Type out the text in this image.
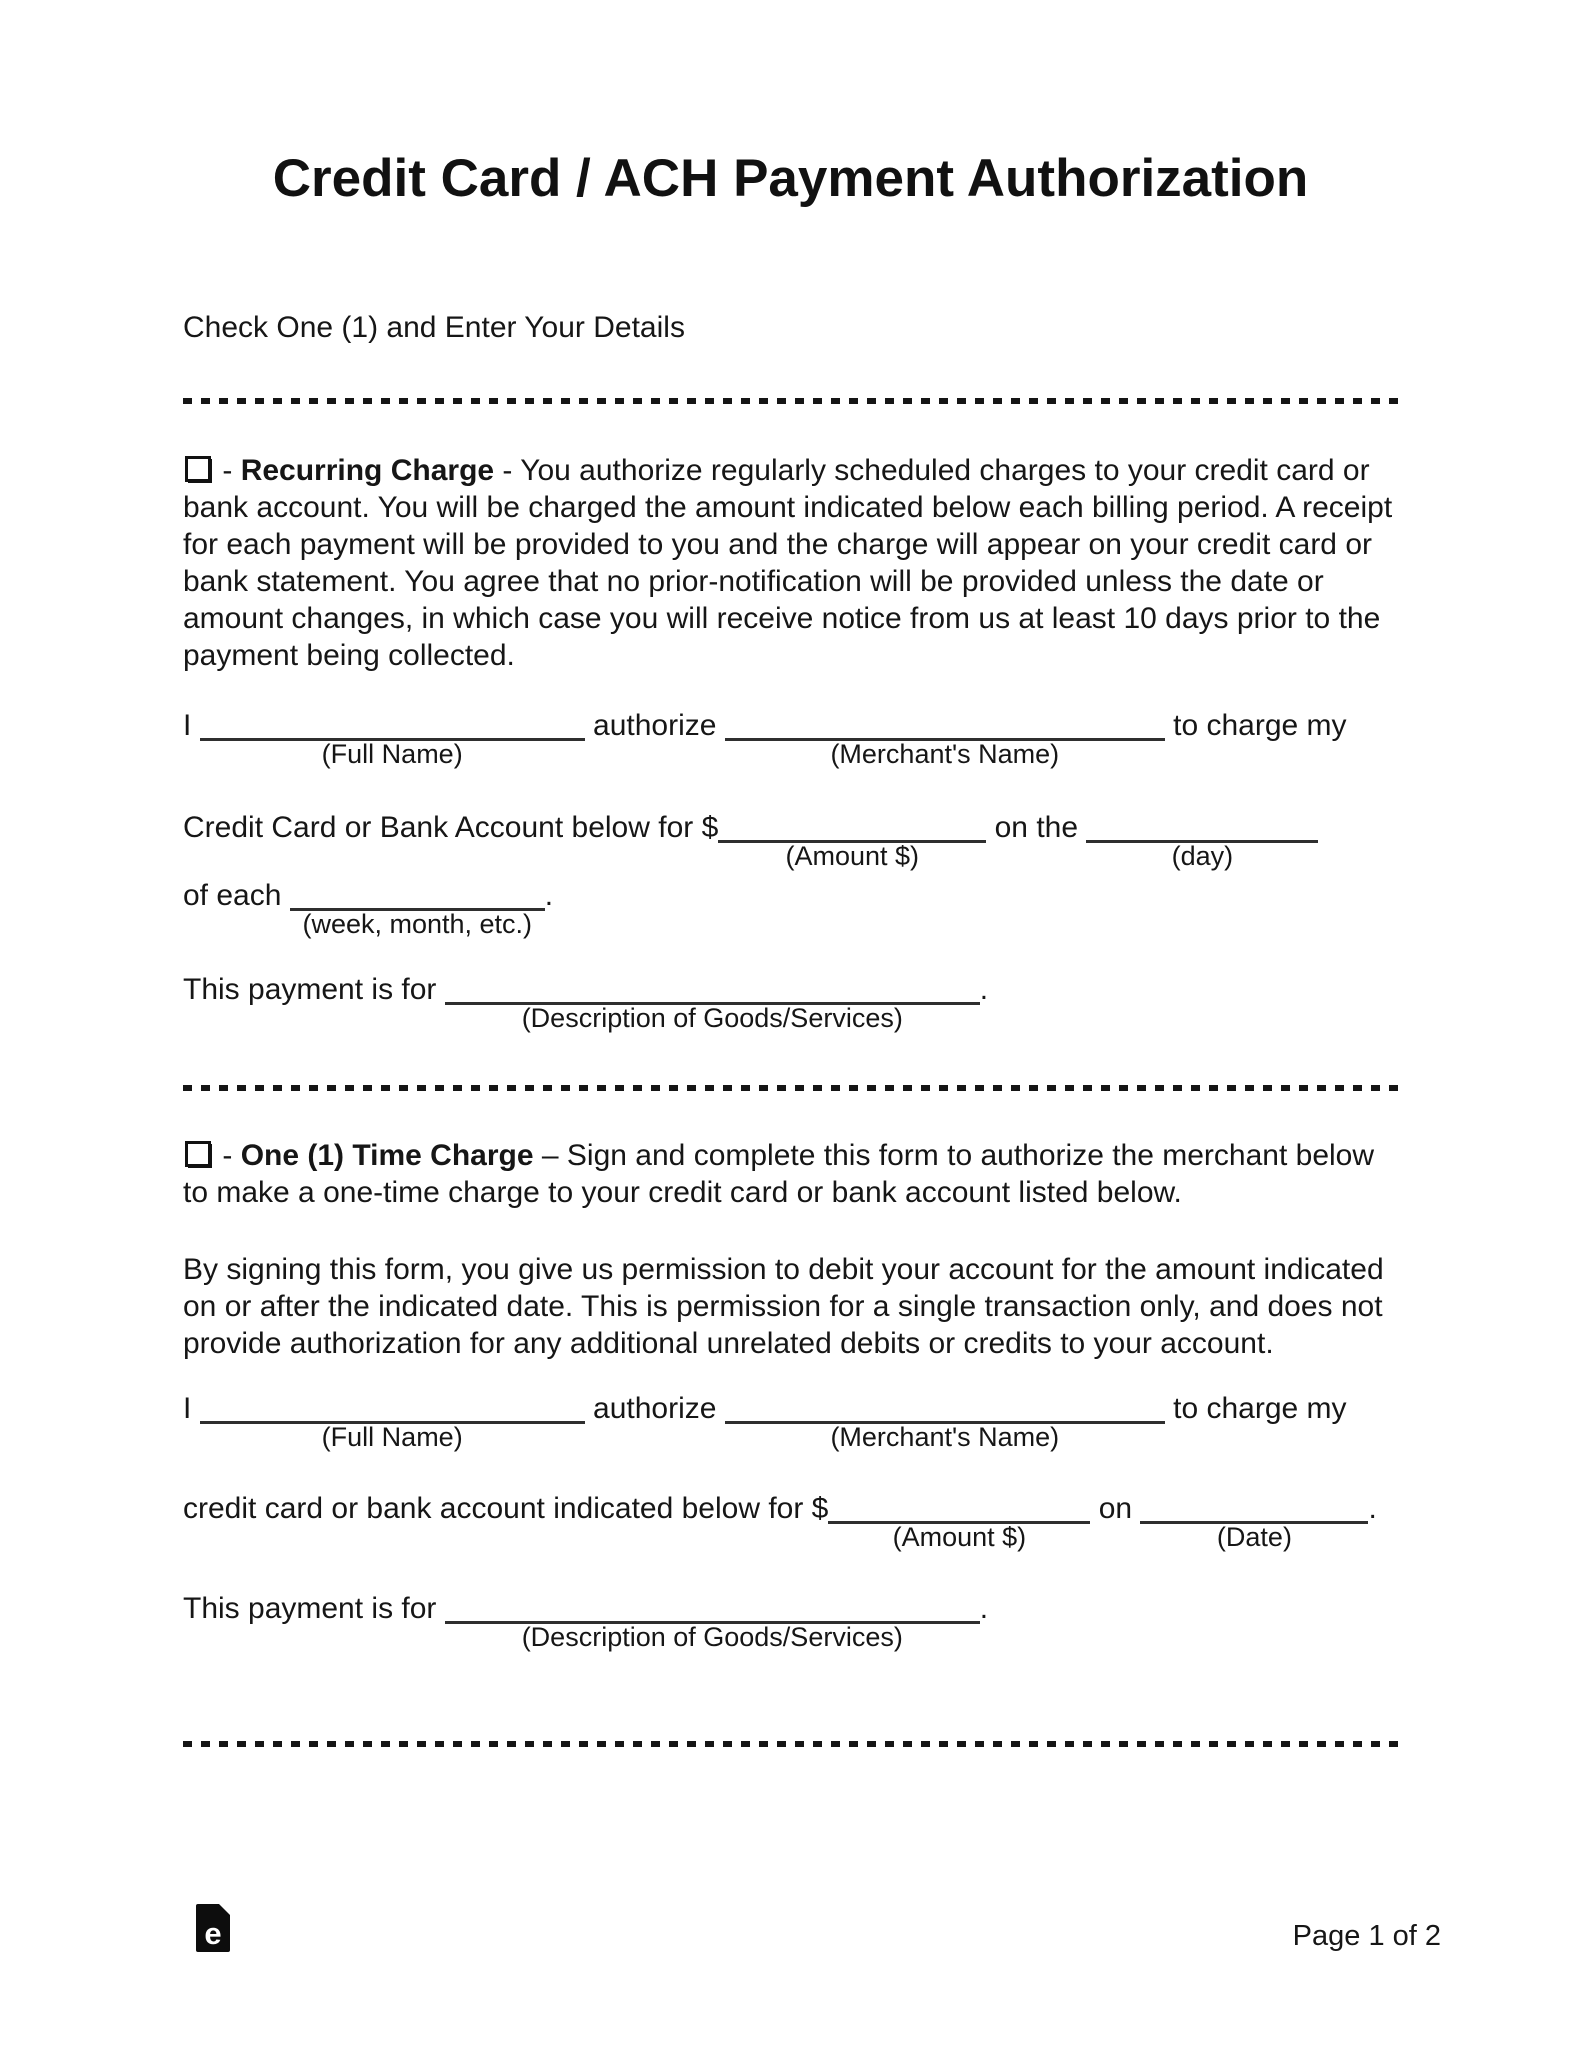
Credit Card / ACH Payment Authorization

Check One (1) and Enter Your Details

- Recurring Charge - You authorize regularly scheduled charges to your credit card or bank account. You will be charged the amount indicated below each billing period. A receipt for each payment will be provided to you and the charge will appear on your credit card or bank statement. You agree that no prior-notification will be provided unless the date or amount changes, in which case you will receive notice from us at least 10 days prior to the payment being collected.

I
(Full Name)
authorize
(Merchant's Name)
to charge my

Credit Card or Bank Account below for $
(Amount $)
on the
(day)

of each
(week, month, etc.)
.

This payment is for
(Description of Goods/Services)
.

- One (1) Time Charge – Sign and complete this form to authorize the merchant below to make a one-time charge to your credit card or bank account listed below.

By signing this form, you give us permission to debit your account for the amount indicated on or after the indicated date. This is permission for a single transaction only, and does not provide authorization for any additional unrelated debits or credits to your account.

I
(Full Name)
authorize
(Merchant's Name)
to charge my

credit card or bank account indicated below for $
(Amount $)
on
(Date)
.

This payment is for
(Description of Goods/Services)
.

e	Page 1 of 2
